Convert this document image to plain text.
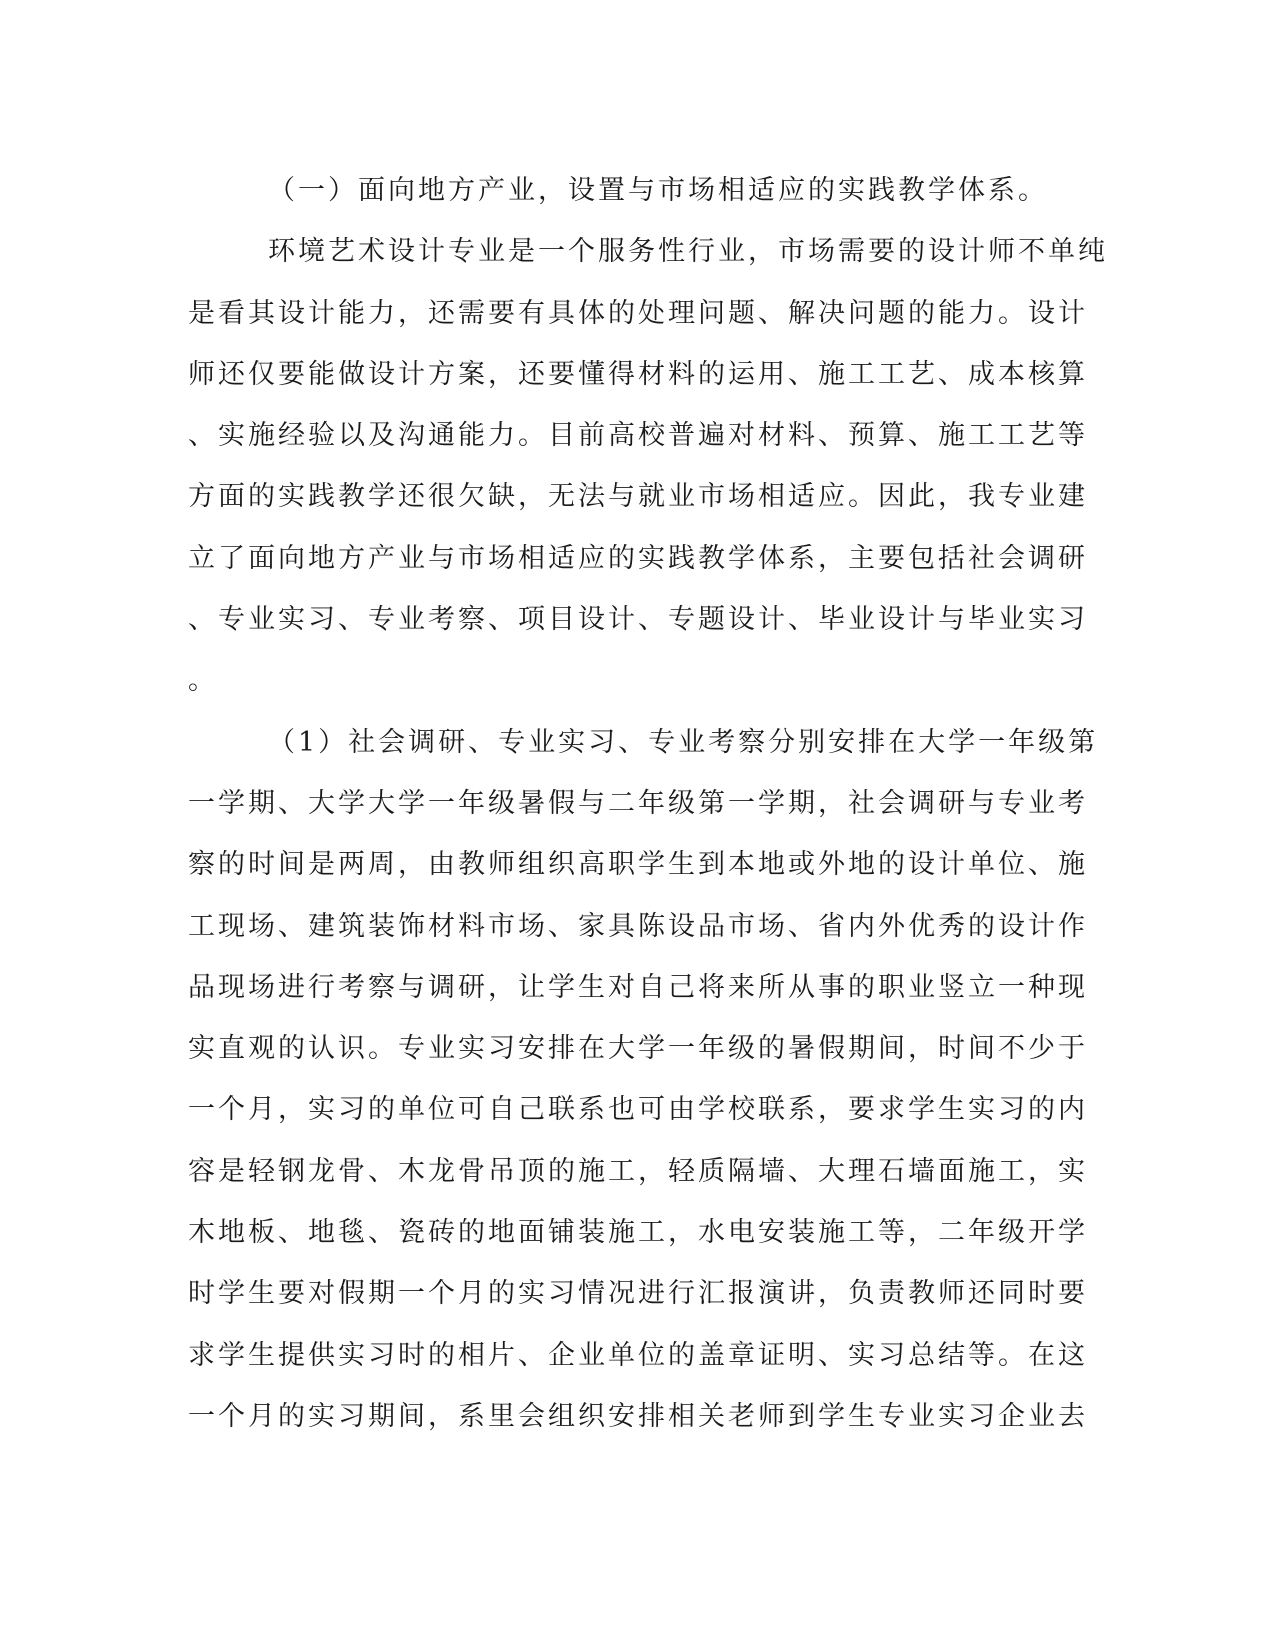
（一）面向地方产业，设置与市场相适应的实践教学体系。
环境艺术设计专业是一个服务性行业，市场需要的设计师不单纯
是看其设计能力，还需要有具体的处理问题、解决问题的能力。设计
师还仅要能做设计方案，还要懂得材料的运用、施工工艺、成本核算
、实施经验以及沟通能力。目前高校普遍对材料、预算、施工工艺等
方面的实践教学还很欠缺，无法与就业市场相适应。因此，我专业建
立了面向地方产业与市场相适应的实践教学体系，主要包括社会调研
、专业实习、专业考察、项目设计、专题设计、毕业设计与毕业实习
。
（1）社会调研、专业实习、专业考察分别安排在大学一年级第
一学期、大学大学一年级暑假与二年级第一学期，社会调研与专业考
察的时间是两周，由教师组织高职学生到本地或外地的设计单位、施
工现场、建筑装饰材料市场、家具陈设品市场、省内外优秀的设计作
品现场进行考察与调研，让学生对自己将来所从事的职业竖立一种现
实直观的认识。专业实习安排在大学一年级的暑假期间，时间不少于
一个月，实习的单位可自己联系也可由学校联系，要求学生实习的内
容是轻钢龙骨、木龙骨吊顶的施工，轻质隔墙、大理石墙面施工，实
木地板、地毯、瓷砖的地面铺装施工，水电安装施工等，二年级开学
时学生要对假期一个月的实习情况进行汇报演讲，负责教师还同时要
求学生提供实习时的相片、企业单位的盖章证明、实习总结等。在这
一个月的实习期间，系里会组织安排相关老师到学生专业实习企业去
